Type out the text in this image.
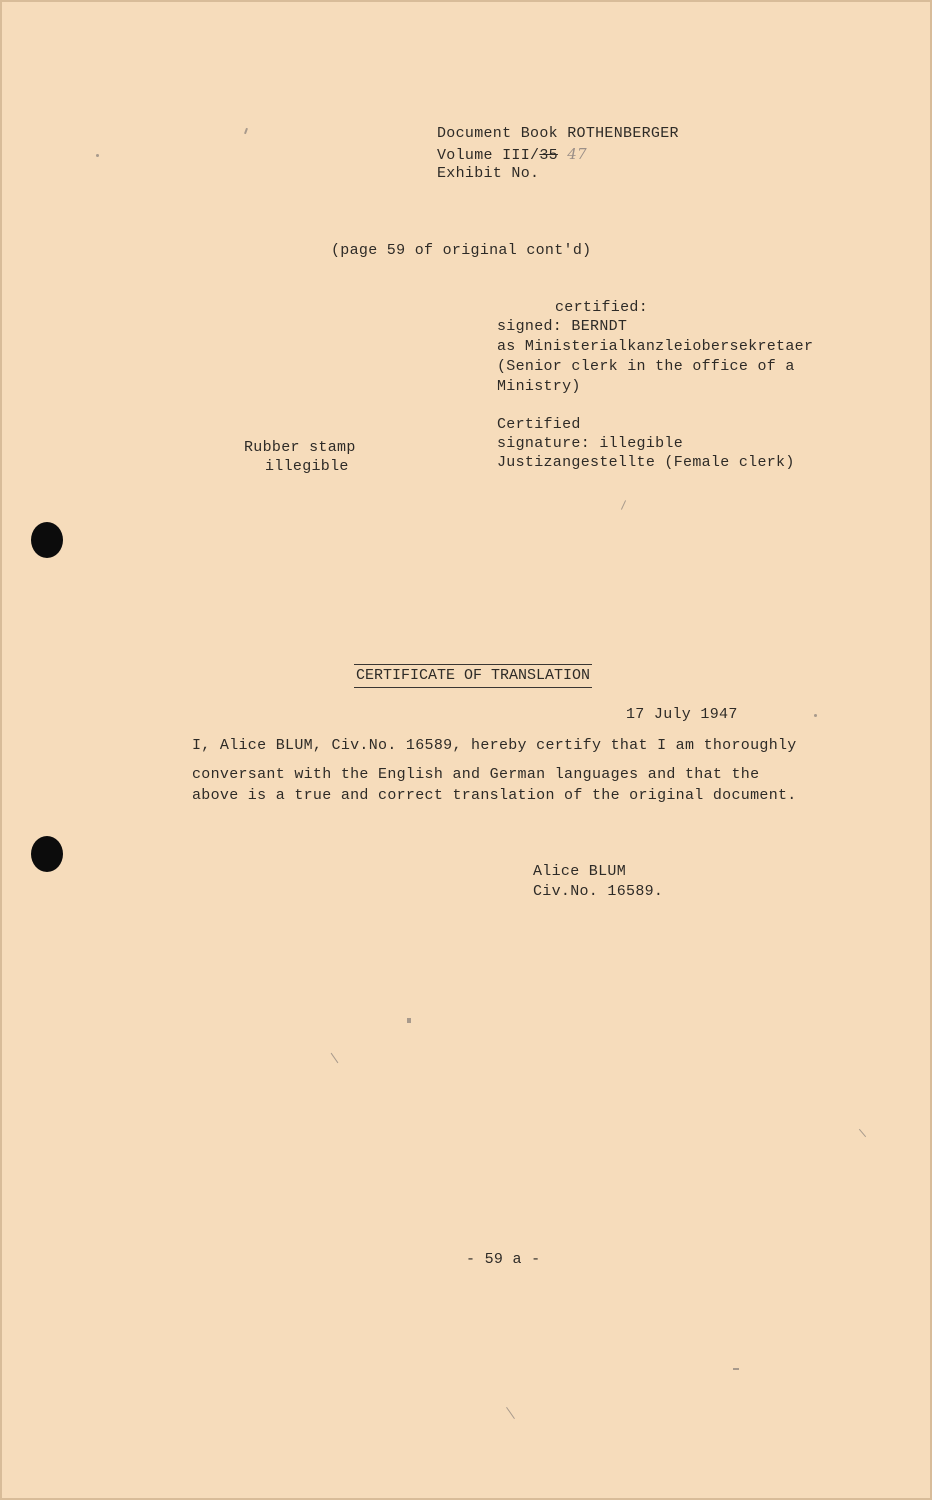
Document Book ROTHENBERGER
Volume III/35 47
Exhibit No.
(page 59 of original cont'd)
certified:
signed: BERNDT
as Ministerialkanzleiobersekretaer
(Senior clerk in the office of a
Ministry)
Certified
signature: illegible
Justizangestellte (Female clerk)
Rubber stamp
illegible
CERTIFICATE OF TRANSLATION
17 July 1947
I, Alice BLUM, Civ.No. 16589, hereby certify that I am thoroughly
conversant with the English and German languages and that the
above is a true and correct translation of the original document.
Alice BLUM
Civ.No. 16589.
- 59 a -
